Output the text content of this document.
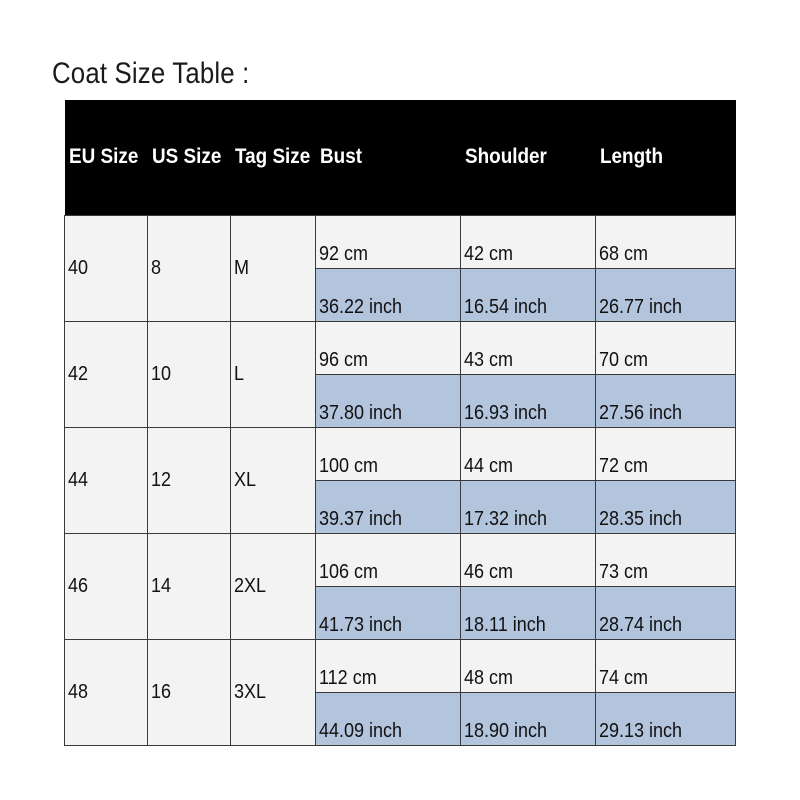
Coat Size Table :
EU Size	US Size	Tag Size	Bust	Shoulder	Length
40	8	M	92 cm	42 cm	68 cm
			36.22 inch	16.54 inch	26.77 inch
42	10	L	96 cm	43 cm	70 cm
			37.80 inch	16.93 inch	27.56 inch
44	12	XL	100 cm	44 cm	72 cm
			39.37 inch	17.32 inch	28.35 inch
46	14	2XL	106 cm	46 cm	73 cm
			41.73 inch	18.11 inch	28.74 inch
48	16	3XL	112 cm	48 cm	74 cm
			44.09 inch	18.90 inch	29.13 inch
